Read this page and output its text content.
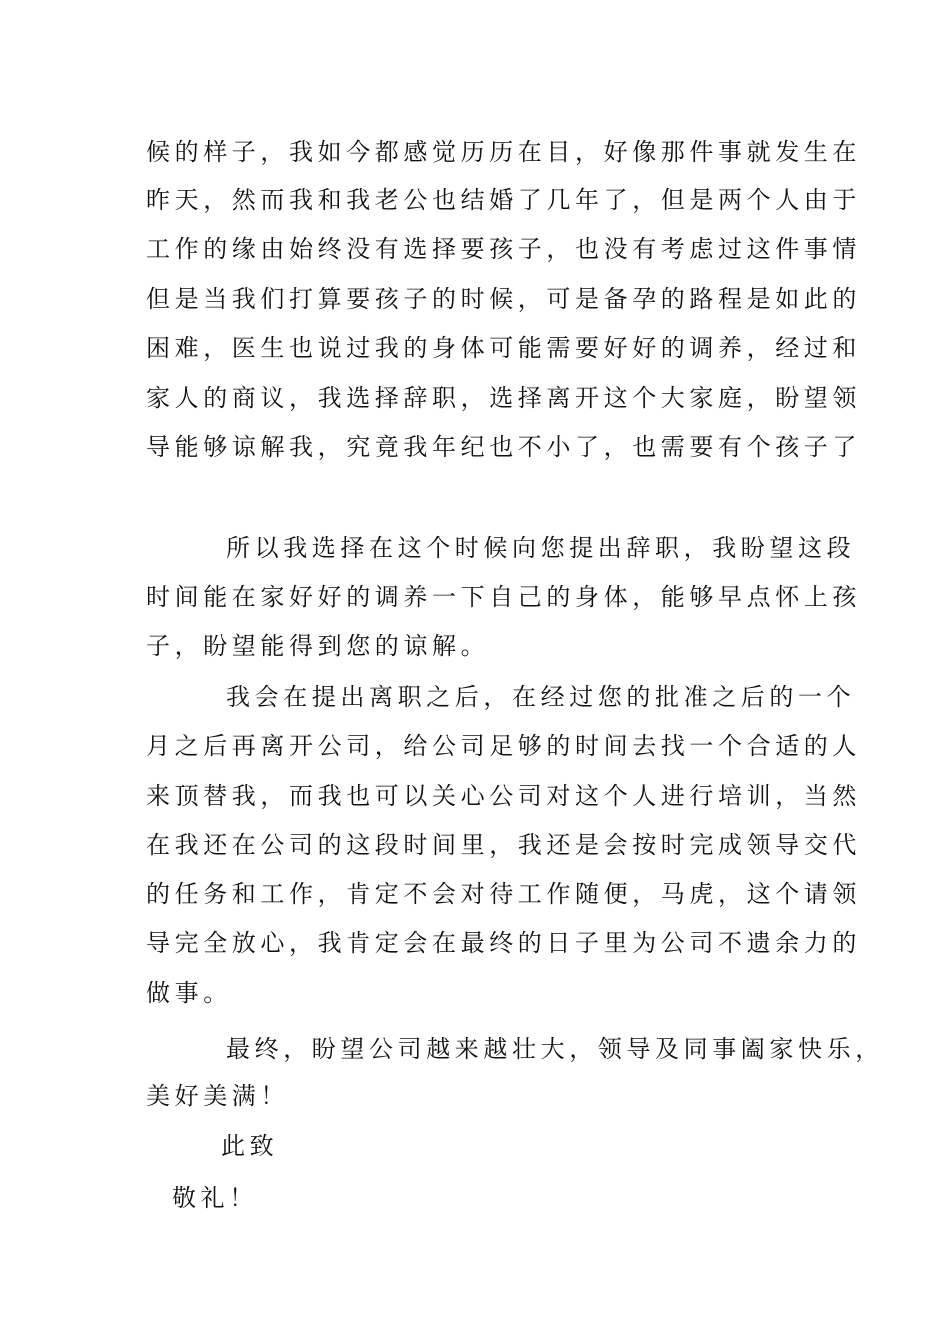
候的样子，我如今都感觉历历在目，好像那件事就发生在
昨天，然而我和我老公也结婚了几年了，但是两个人由于
工作的缘由始终没有选择要孩子，也没有考虑过这件事情
但是当我们打算要孩子的时候，可是备孕的路程是如此的
困难，医生也说过我的身体可能需要好好的调养，经过和
家人的商议，我选择辞职，选择离开这个大家庭，盼望领
导能够谅解我，究竟我年纪也不小了，也需要有个孩子了
所以我选择在这个时候向您提出辞职，我盼望这段
时间能在家好好的调养一下自己的身体，能够早点怀上孩
子，盼望能得到您的谅解。
我会在提出离职之后，在经过您的批准之后的一个
月之后再离开公司，给公司足够的时间去找一个合适的人
来顶替我，而我也可以关心公司对这个人进行培训，当然
在我还在公司的这段时间里，我还是会按时完成领导交代
的任务和工作，肯定不会对待工作随便，马虎，这个请领
导完全放心，我肯定会在最终的日子里为公司不遗余力的
做事。
最终，盼望公司越来越壮大，领导及同事阖家快乐，
美好美满！
此致
敬礼！
